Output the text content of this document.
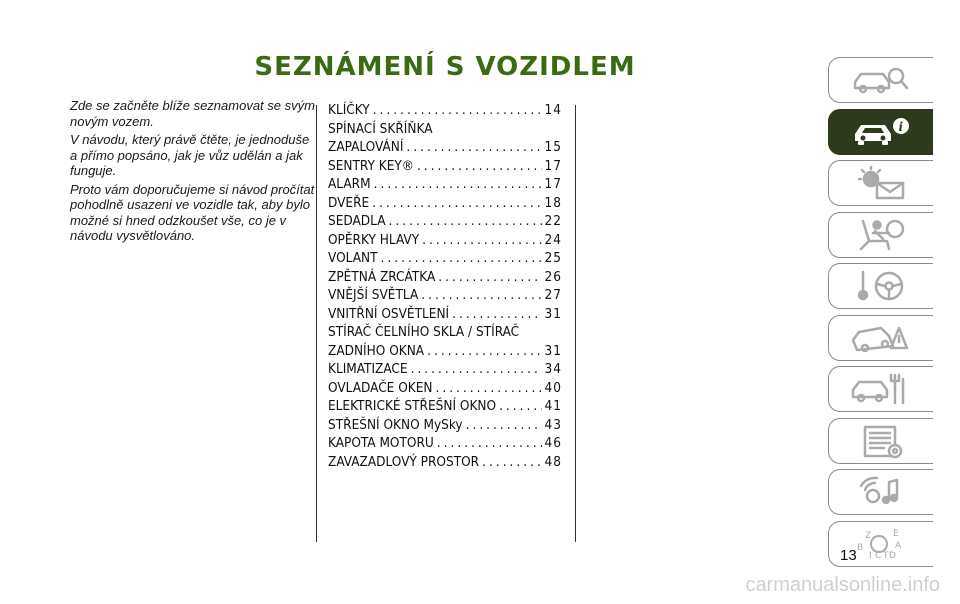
SEZNÁMENÍ S VOZIDLEM

Zde se začněte blíže seznamovat se svým novým vozem.

V návodu, který právě čtěte, je jednoduše a přímo popsáno, jak je vůz udělán a jak funguje.

Proto vám doporučujeme si návod pročítat pohodlně usazeni ve vozidle tak, aby bylo možné si hned odzkoušet vše, co je v návodu vysvětlováno.

KLÍČKY .....	14
SPÍNACÍ SKŘÍŇKA
ZAPALOVÁNÍ .....	15
SENTRY KEY® .....	17
ALARM .....	17
DVEŘE .....	18
SEDADLA .....	22
OPĚRKY HLAVY .....	24
VOLANT .....	25
ZPĚTNÁ ZRCÁTKA .....	26
VNĚJŠÍ SVĚTLA .....	27
VNITŘNÍ OSVĚTLENÍ .....	31
STÍRAČ ČELNÍHO SKLA / STÍRAČ
ZADNÍHO OKNA .....	31
KLIMATIZACE .....	34
OVLADAČE OKEN .....	40
ELEKTRICKÉ STŘEŠNÍ OKNO .....	41
STŘEŠNÍ OKNO MySky .....	43
KAPOTA MOTORU .....	46
ZAVAZADLOVÝ PROSTOR .....	48
i
Z E
B	A
I C T D
13
carmanualsonline.info
